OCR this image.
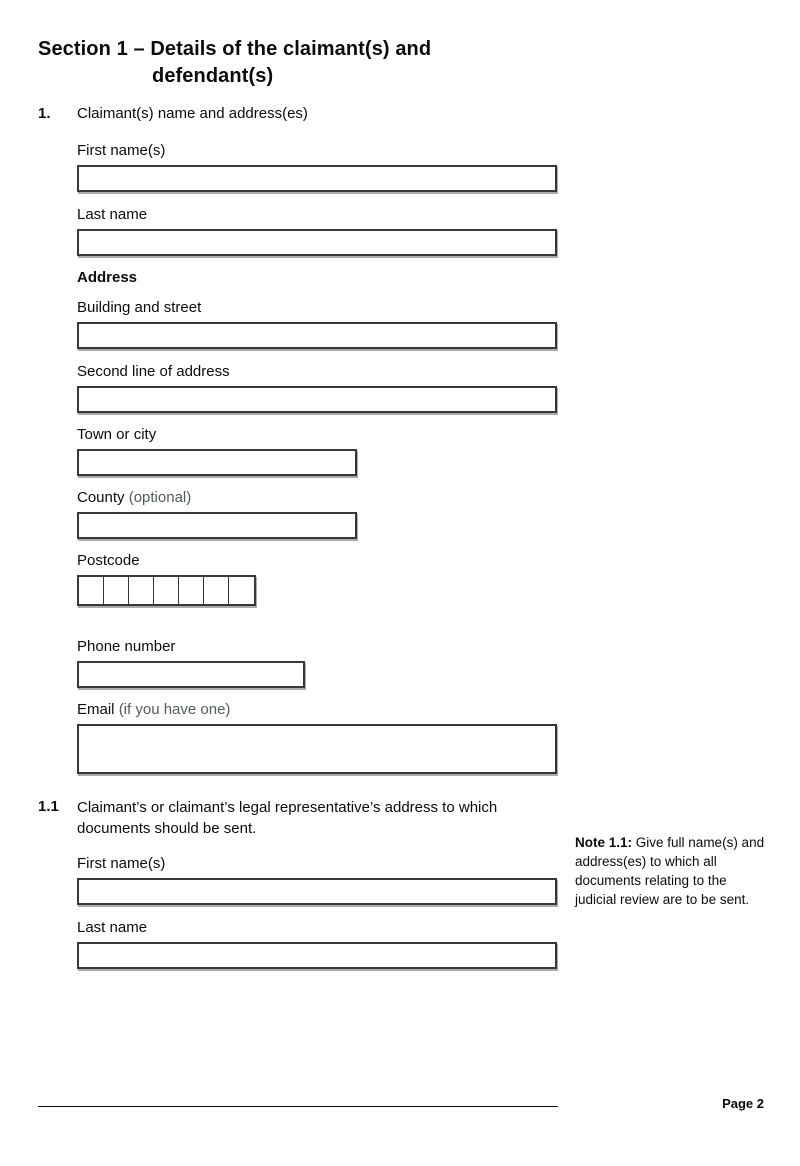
Section 1 – Details of the claimant(s) and
defendant(s)
1.	Claimant(s) name and address(es)
First name(s)
Last name
Address
Building and street
Second line of address
Town or city
County (optional)
Postcode
Phone number
Email (if you have one)
1.1	Claimant’s or claimant’s legal representative’s address to which documents should be sent.
First name(s)
Last name
Note 1.1: Give full name(s) and address(es) to which all documents relating to the judicial review are to be sent.
Page 2
